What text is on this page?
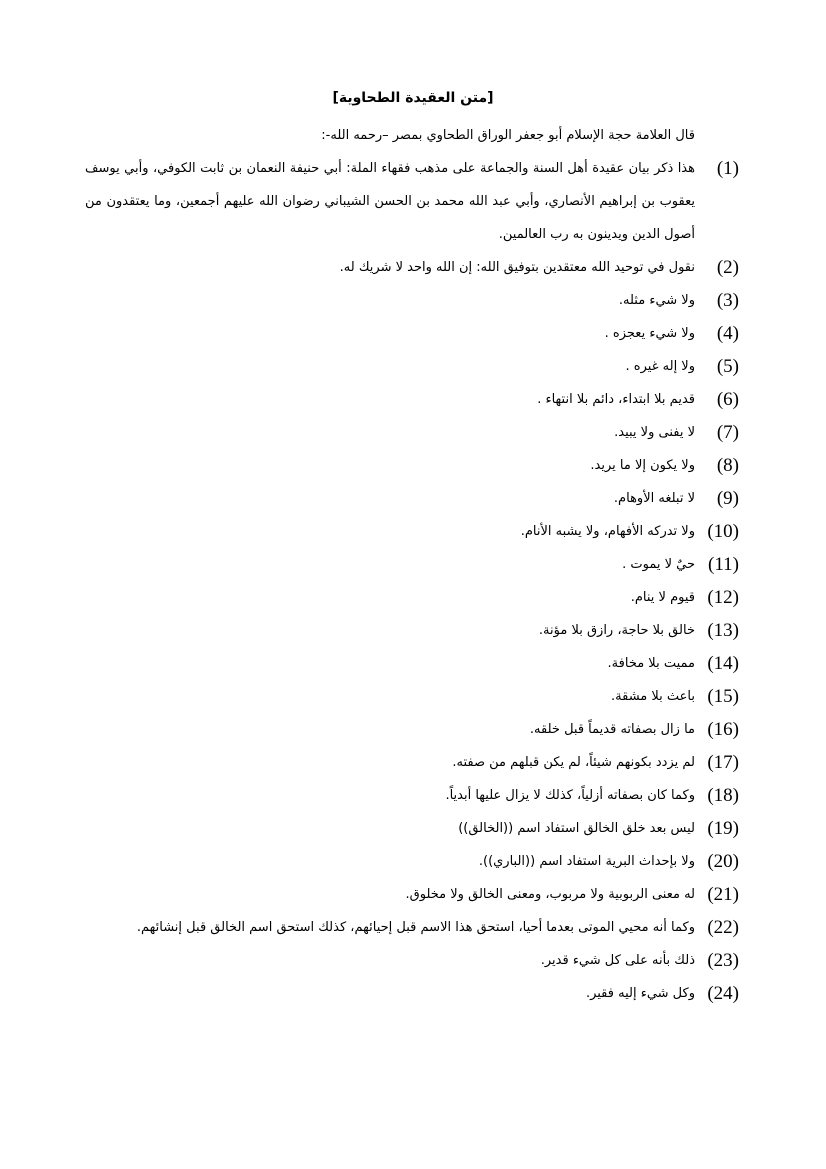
[متن العقيدة الطحاوية]
قال العلامة حجة الإسلام أبو جعفر الوراق الطحاوي بمصر –رحمه الله-:
(1)
هذا ذكر بيان عقيدة أهل السنة والجماعة على مذهب فقهاء الملة: أبي حنيفة النعمان بن ثابت الكوفي، وأبي يوسف يعقوب بن إبراهيم الأنصاري، وأبي عبد الله محمد بن الحسن الشيباني رضوان الله عليهم أجمعين، وما يعتقدون من أصول الدين ويدينون به رب العالمين.
(2)
نقول في توحيد الله معتقدين بتوفيق الله: إن الله واحد لا شريك له.
(3)
ولا شيء مثله.
(4)
ولا شيء يعجزه .
(5)
ولا إله غيره .
(6)
قديم بلا ابتداء، دائم بلا انتهاء .
(7)
لا يفنى ولا يبيد.
(8)
ولا يكون إلا ما يريد.
(9)
لا تبلغه الأوهام.
(10)
ولا تدركه الأفهام، ولا يشبه الأنام.
(11)
حيٌ لا يموت .
(12)
قيوم لا ينام.
(13)
خالق بلا حاجة، رازق بلا مؤنة.
(14)
مميت بلا مخافة.
(15)
باعث بلا مشقة.
(16)
ما زال بصفاته قديماً قبل خلقه.
(17)
لم يزدد بكونهم شيئاً، لم يكن قبلهم من صفته.
(18)
وكما كان بصفاته أزلياً، كذلك لا يزال عليها أبدياً.
(19)
ليس بعد خلق الخالق استفاد اسم ((الخالق))
(20)
ولا بإحداث البرية استفاد اسم ((الباري)).
(21)
له معنى الربوبية ولا مربوب، ومعنى الخالق ولا مخلوق.
(22)
وكما أنه محيي الموتى بعدما أحيا، استحق هذا الاسم قبل إحيائهم، كذلك استحق اسم الخالق قبل إنشائهم.
(23)
ذلك بأنه على كل شيء قدير.
(24)
وكل شيء إليه فقير.
